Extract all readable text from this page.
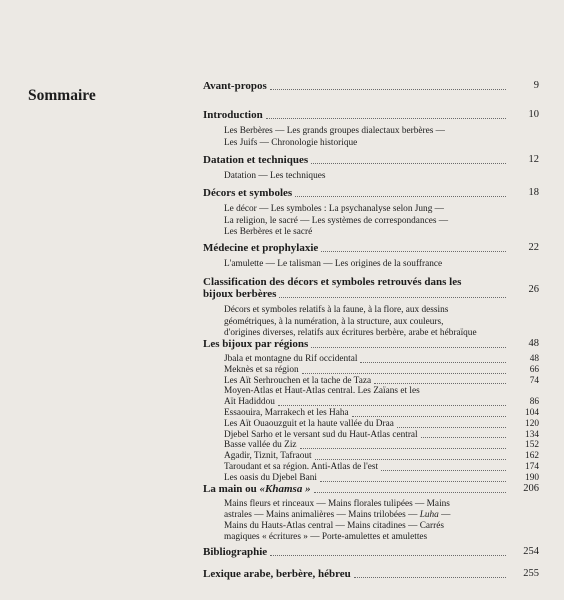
Sommaire
Avant-propos	9
Introduction	10
Les Berbères — Les grands groupes dialectaux berbères —
Les Juifs — Chronologie historique
Datation et techniques	12
Datation — Les techniques
Décors et symboles	18
Le décor — Les symboles : La psychanalyse selon Jung —
La religion, le sacré — Les systèmes de correspondances —
Les Berbères et le sacré
Médecine et prophylaxie	22
L'amulette — Le talisman — Les origines de la souffrance
Classification des décors et symboles retrouvés dans les
bijoux berbères	26
Décors et symboles relatifs à la faune, à la flore, aux dessins
géométriques, à la numération, à la structure, aux couleurs,
d'origines diverses, relatifs aux écritures berbère, arabe et hébraïque
Les bijoux par régions	48
Jbala et montagne du Rif occidental	48
Meknès et sa région	66
Les Aït Serhrouchen et la tache de Taza	74
Moyen-Atlas et Haut-Atlas central. Les Zaïans et les
Aït Hadiddou	86
Essaouira, Marrakech et les Haha	104
Les Aït Ouaouzguit et la haute vallée du Draa	120
Djebel Sarho et le versant sud du Haut-Atlas central	134
Basse vallée du Ziz	152
Agadir, Tiznit, Tafraout	162
Taroudant et sa région. Anti-Atlas de l'est	174
Les oasis du Djebel Bani	190
La main ou «Khamsa »	206
Mains fleurs et rinceaux — Mains florales tulipées — Mains
astrales — Mains animalières — Mains trilobées — Luha —
Mains du Hauts-Atlas central — Mains citadines — Carrés
magiques « écritures » — Porte-amulettes et amulettes
Bibliographie	254
Lexique arabe, berbère, hébreu	255
